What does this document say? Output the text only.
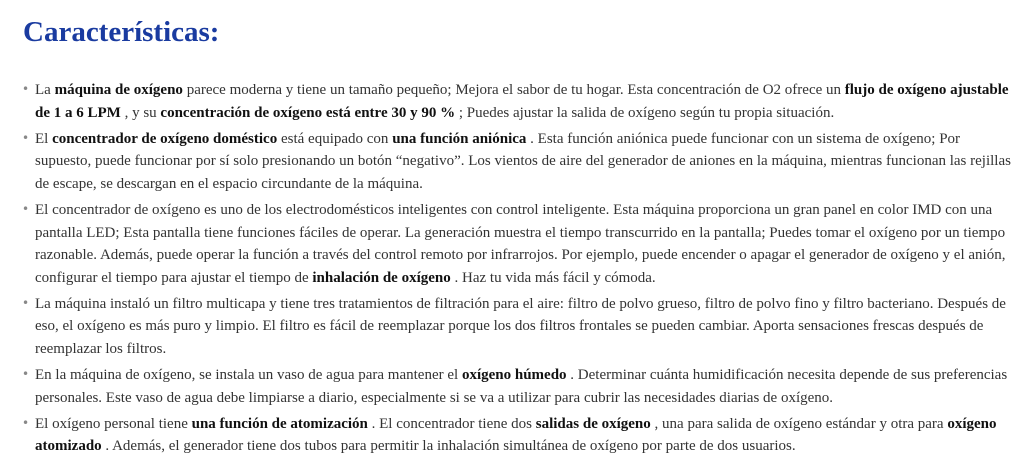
Características:
• La máquina de oxígeno parece moderna y tiene un tamaño pequeño; Mejora el sabor de tu hogar. Esta concentración de O2 ofrece un flujo de oxígeno ajustable de 1 a 6 LPM , y su concentración de oxígeno está entre 30 y 90 % ; Puedes ajustar la salida de oxígeno según tu propia situación.
• El concentrador de oxígeno doméstico está equipado con una función aniónica . Esta función aniónica puede funcionar con un sistema de oxígeno; Por supuesto, puede funcionar por sí solo presionando un botón “negativo”. Los vientos de aire del generador de aniones en la máquina, mientras funcionan las rejillas de escape, se descargan en el espacio circundante de la máquina.
• El concentrador de oxígeno es uno de los electrodomésticos inteligentes con control inteligente. Esta máquina proporciona un gran panel en color IMD con una pantalla LED; Esta pantalla tiene funciones fáciles de operar. La generación muestra el tiempo transcurrido en la pantalla; Puedes tomar el oxígeno por un tiempo razonable. Además, puede operar la función a través del control remoto por infrarrojos. Por ejemplo, puede encender o apagar el generador de oxígeno y el anión, configurar el tiempo para ajustar el tiempo de inhalación de oxígeno . Haz tu vida más fácil y cómoda.
• La máquina instaló un filtro multicapa y tiene tres tratamientos de filtración para el aire: filtro de polvo grueso, filtro de polvo fino y filtro bacteriano. Después de eso, el oxígeno es más puro y limpio. El filtro es fácil de reemplazar porque los dos filtros frontales se pueden cambiar. Aporta sensaciones frescas después de reemplazar los filtros.
• En la máquina de oxígeno, se instala un vaso de agua para mantener el oxígeno húmedo . Determinar cuánta humidificación necesita depende de sus preferencias personales. Este vaso de agua debe limpiarse a diario, especialmente si se va a utilizar para cubrir las necesidades diarias de oxígeno.
• El oxígeno personal tiene una función de atomización . El concentrador tiene dos salidas de oxígeno , una para salida de oxígeno estándar y otra para oxígeno atomizado . Además, el generador tiene dos tubos para permitir la inhalación simultánea de oxígeno por parte de dos usuarios.
